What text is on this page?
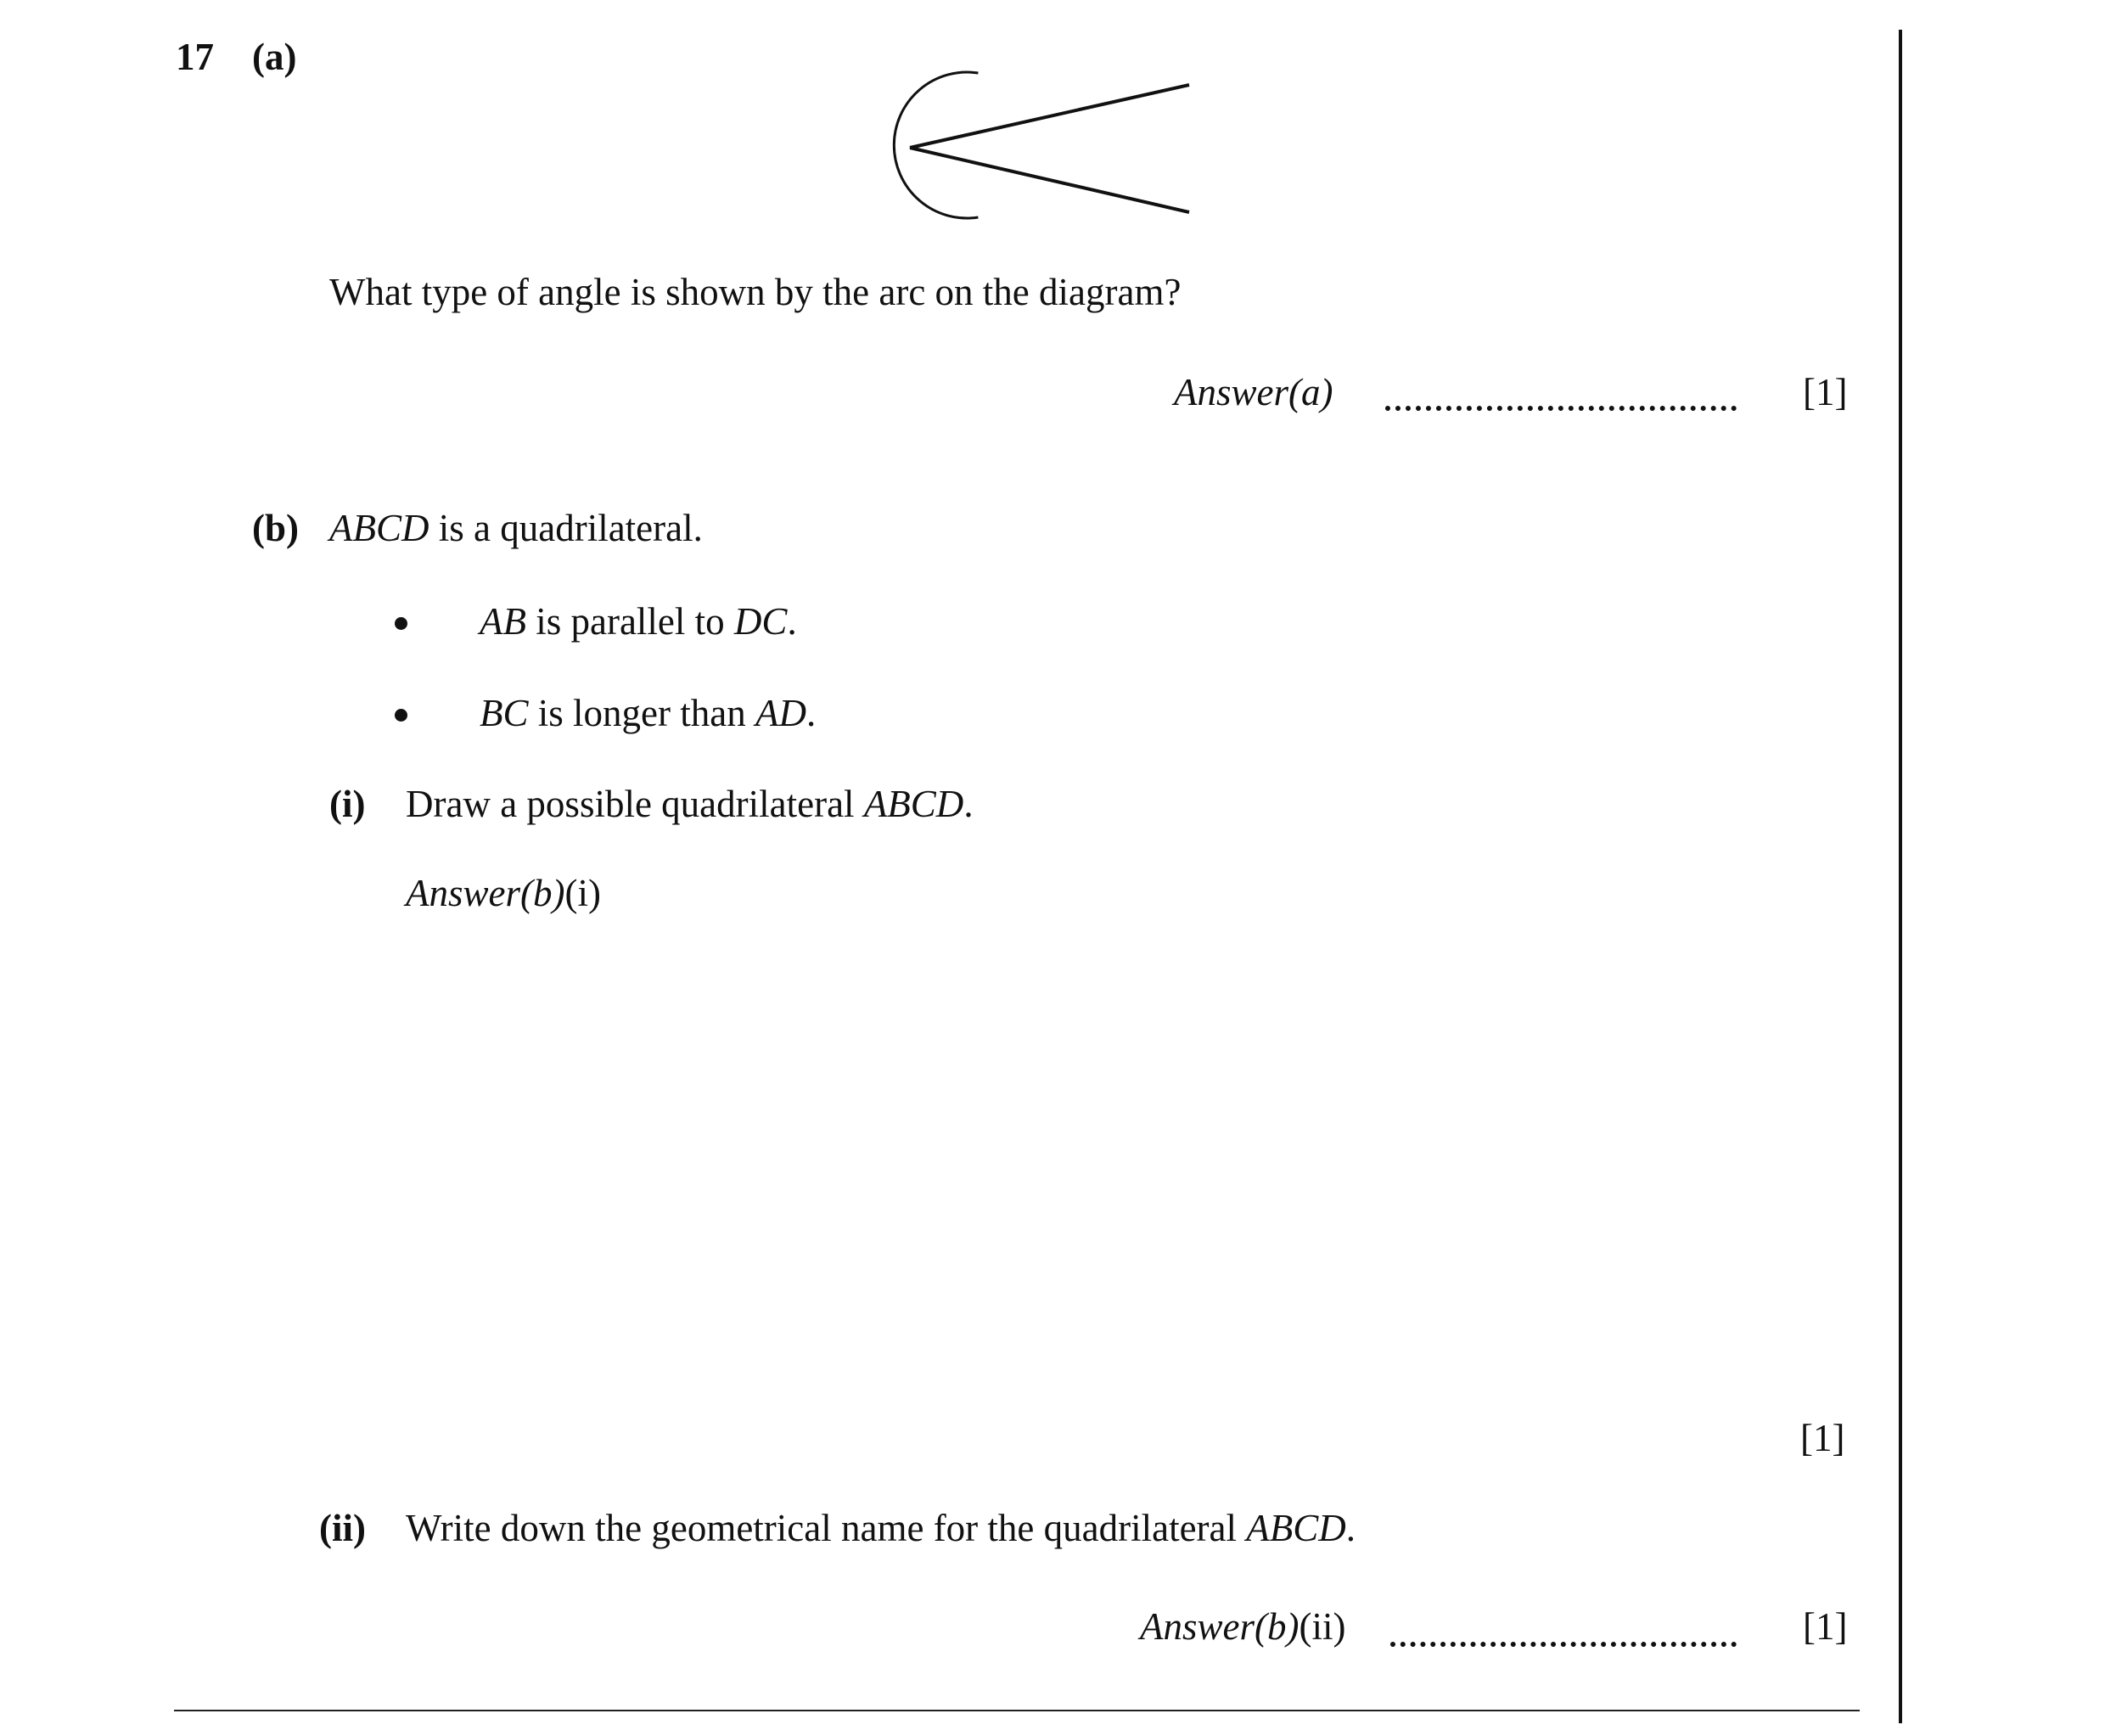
17 (a)
What type of angle is shown by the arc on the diagram?
Answer(a)	[1]
(b) ABCD is a quadrilateral.
AB is parallel to DC.
BC is longer than AD.
(i) Draw a possible quadrilateral ABCD.
Answer(b)(i)
[1]
(ii) Write down the geometrical name for the quadrilateral ABCD.
Answer(b)(ii)	[1]
